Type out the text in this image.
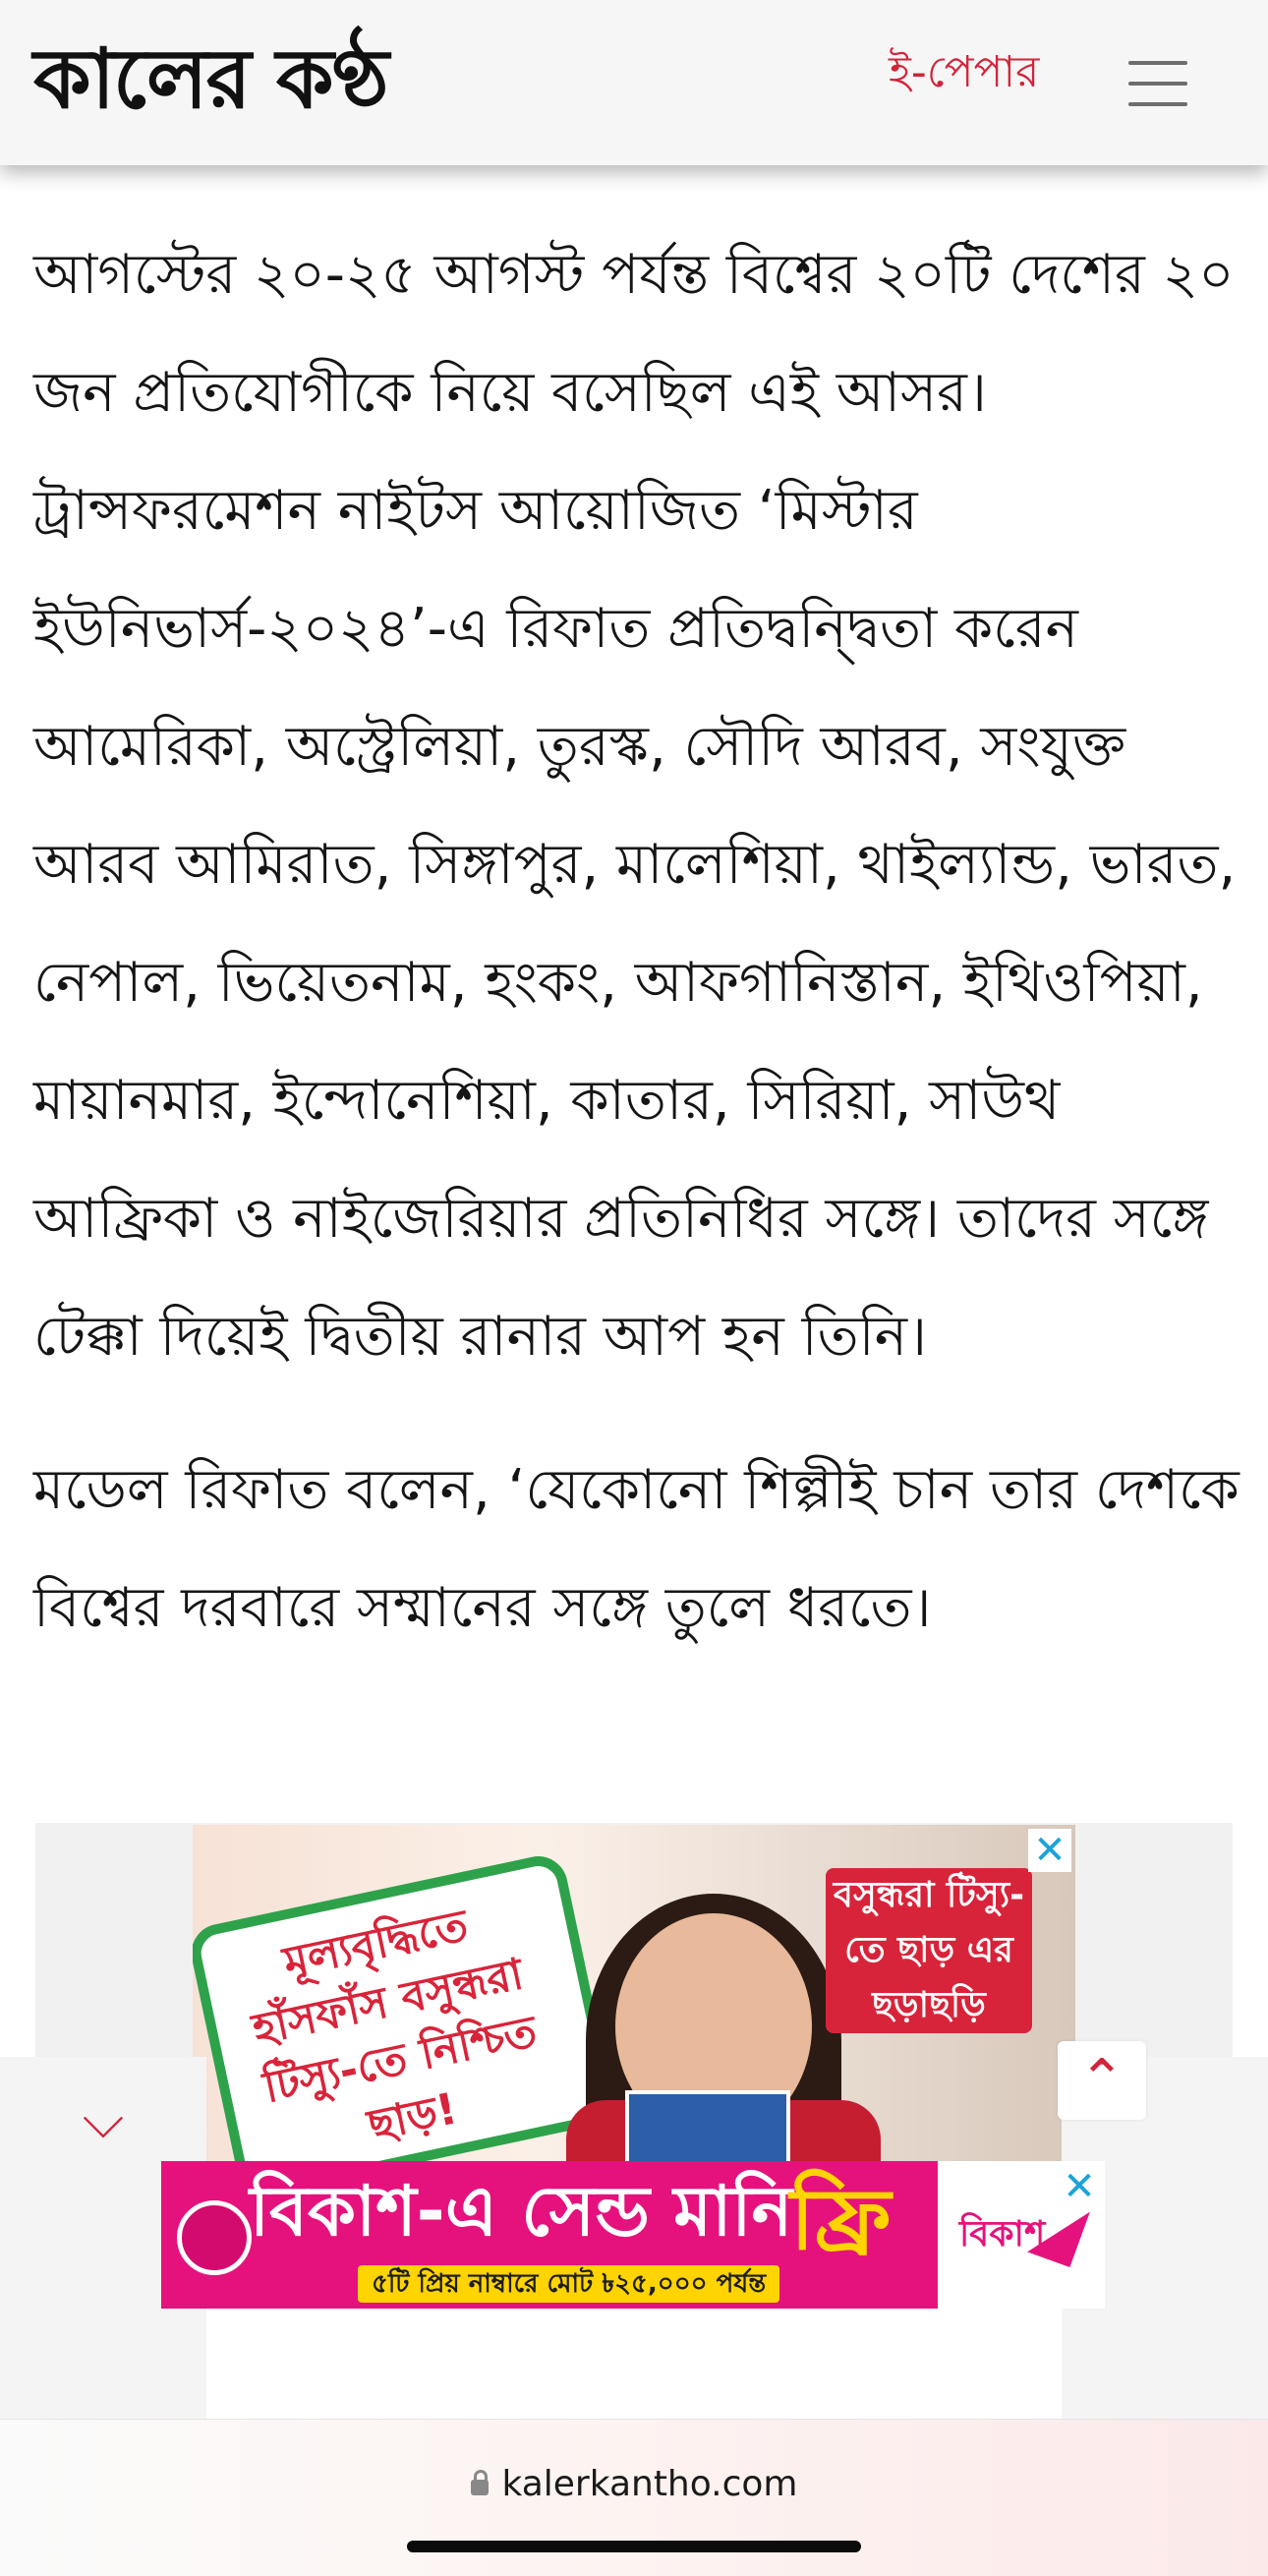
কালের কণ্ঠ	ই-পেপার

আগস্টের ২০-২৫ আগস্ট পর্যন্ত বিশ্বের ২০টি দেশের ২০ জন প্রতিযোগীকে নিয়ে বসেছিল এই আসর। ট্রান্সফরমেশন নাইটস আয়োজিত ‘মিস্টার ইউনিভার্স-২০২৪’-এ রিফাত প্রতিদ্বন্দ্বিতা করেন আমেরিকা, অস্ট্রেলিয়া, তুরস্ক, সৌদি আরব, সংযুক্ত আরব আমিরাত, সিঙ্গাপুর, মালেশিয়া, থাইল্যান্ড, ভারত, নেপাল, ভিয়েতনাম, হংকং, আফগানিস্তান, ইথিওপিয়া, মায়ানমার, ইন্দোনেশিয়া, কাতার, সিরিয়া, সাউথ আফ্রিকা ও নাইজেরিয়ার প্রতিনিধির সঙ্গে। তাদের সঙ্গে টেক্কা দিয়েই দ্বিতীয় রানার আপ হন তিনি।

মডেল রিফাত বলেন, ‘যেকোনো শিল্পীই চান তার দেশকে বিশ্বের দরবারে সম্মানের সঙ্গে তুলে ধরতে।

মূল্যবৃদ্ধিতে হাঁসফাঁস বসুন্ধরা টিস্যু-তে নিশ্চিত ছাড়!
বসুন্ধরা টিস্যু-তে ছাড় এর ছড়াছড়ি
✕
⌵
⌃
বিকাশ-এ সেন্ড মানি
ফ্রি
৫টি প্রিয় নাম্বারে মোট ৳২৫,০০০ পর্যন্ত
বিকাশ
✕
kalerkantho.com
